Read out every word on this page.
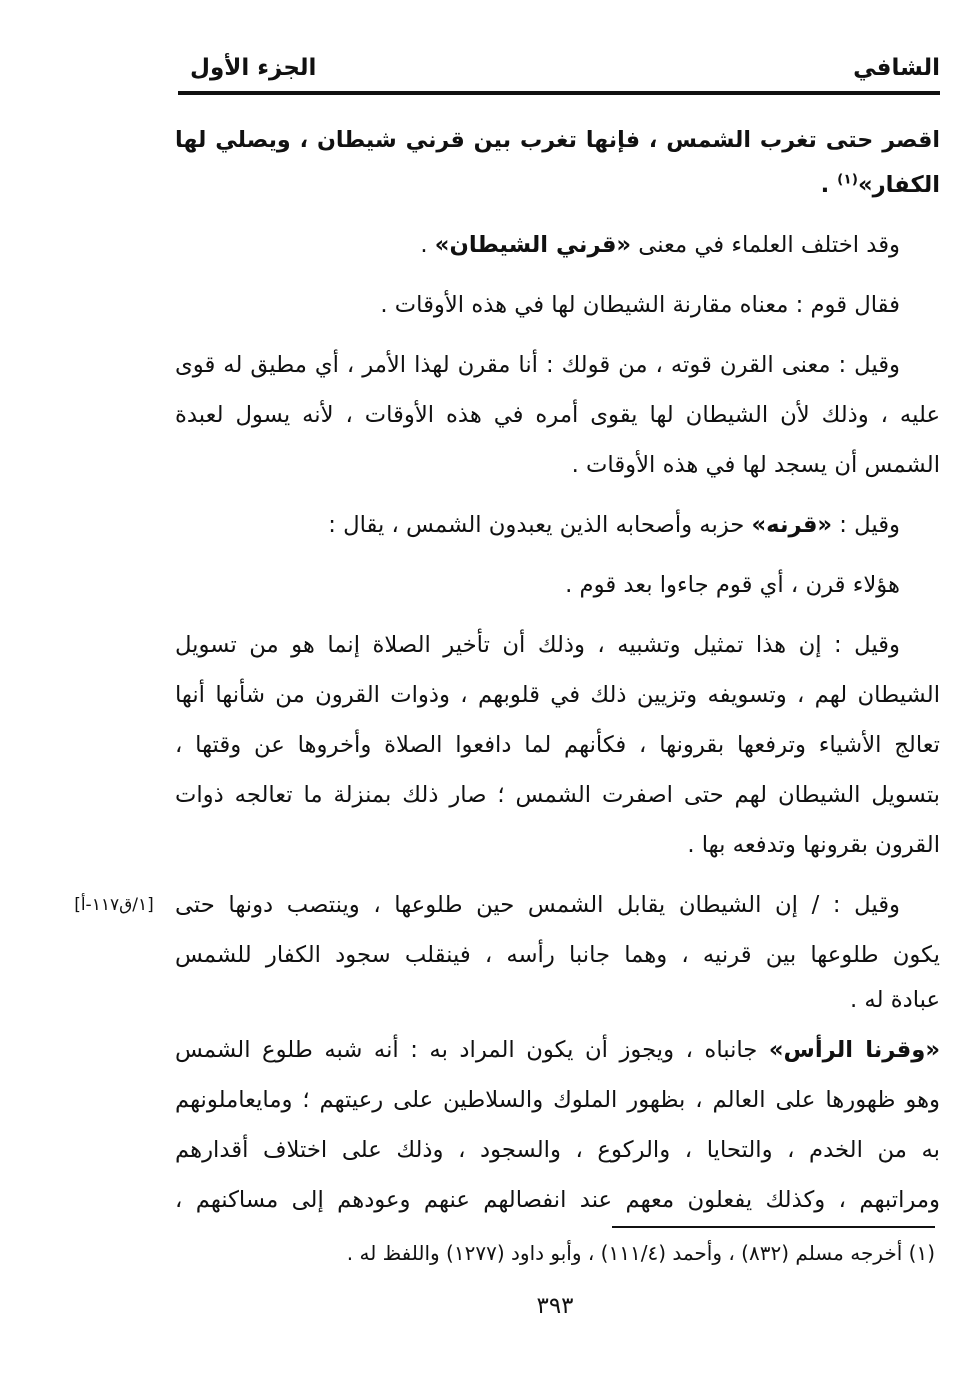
الشافي
الجزء الأول
اقصر حتى تغرب الشمس ، فإنها تغرب بين قرني شيطان ، ويصلي لها
الكفار»$^{(١)}$ .
وقد اختلف العلماء في معنى «قرني الشيطان» .
فقال قوم : معناه مقارنة الشيطان لها في هذه الأوقات .
وقيل : معنى القرن قوته ، من قولك : أنا مقرن لهذا الأمر ، أي مطيق له قوى
عليه ، وذلك لأن الشيطان لها يقوى أمره في هذه الأوقات ، لأنه يسول لعبدة
الشمس أن يسجد لها في هذه الأوقات .
وقيل : «قرنه» حزبه وأصحابه الذين يعبدون الشمس ، يقال :
هؤلاء قرن ، أي قوم جاءوا بعد قوم .
وقيل : إن هذا تمثيل وتشبيه ، وذلك أن تأخير الصلاة إنما هو من تسويل
الشيطان لهم ، وتسويفه وتزيين ذلك في قلوبهم ، وذوات القرون من شأنها أنها
تعالج الأشياء وترفعها بقرونها ، فكأنهم لما دافعوا الصلاة وأخروها عن وقتها ،
بتسويل الشيطان لهم حتى اصفرت الشمس ؛ صار ذلك بمنزلة ما تعالجه ذوات
القرون بقرونها وتدفعه بها .
وقيل : / إن الشيطان يقابل الشمس حين طلوعها ، وينتصب دونها حتى
يكون طلوعها بين قرنيه ، وهما جانبا رأسه ، فينقلب سجود الكفار للشمس
عبادة له .
«وقرنا الرأس» جانباه ، ويجوز أن يكون المراد به : أنه شبه طلوع الشمس
وهو ظهورها على العالم ، بظهور الملوك والسلاطين على رعيتهم ؛ ومايعاملونهم
به من الخدم ، والتحايا ، والركوع ، والسجود ، وذلك على اختلاف أقدارهم
ومراتبهم ، وكذلك يفعلون معهم عند انفصالهم عنهم وعودهم إلى مساكنهم ،
[١/ق١١٧-أ]
(١) أخرجه مسلم (٨٣٢) ، وأحمد (١١١/٤) ، وأبو داود (١٢٧٧) واللفظ له .
٣٩٣
